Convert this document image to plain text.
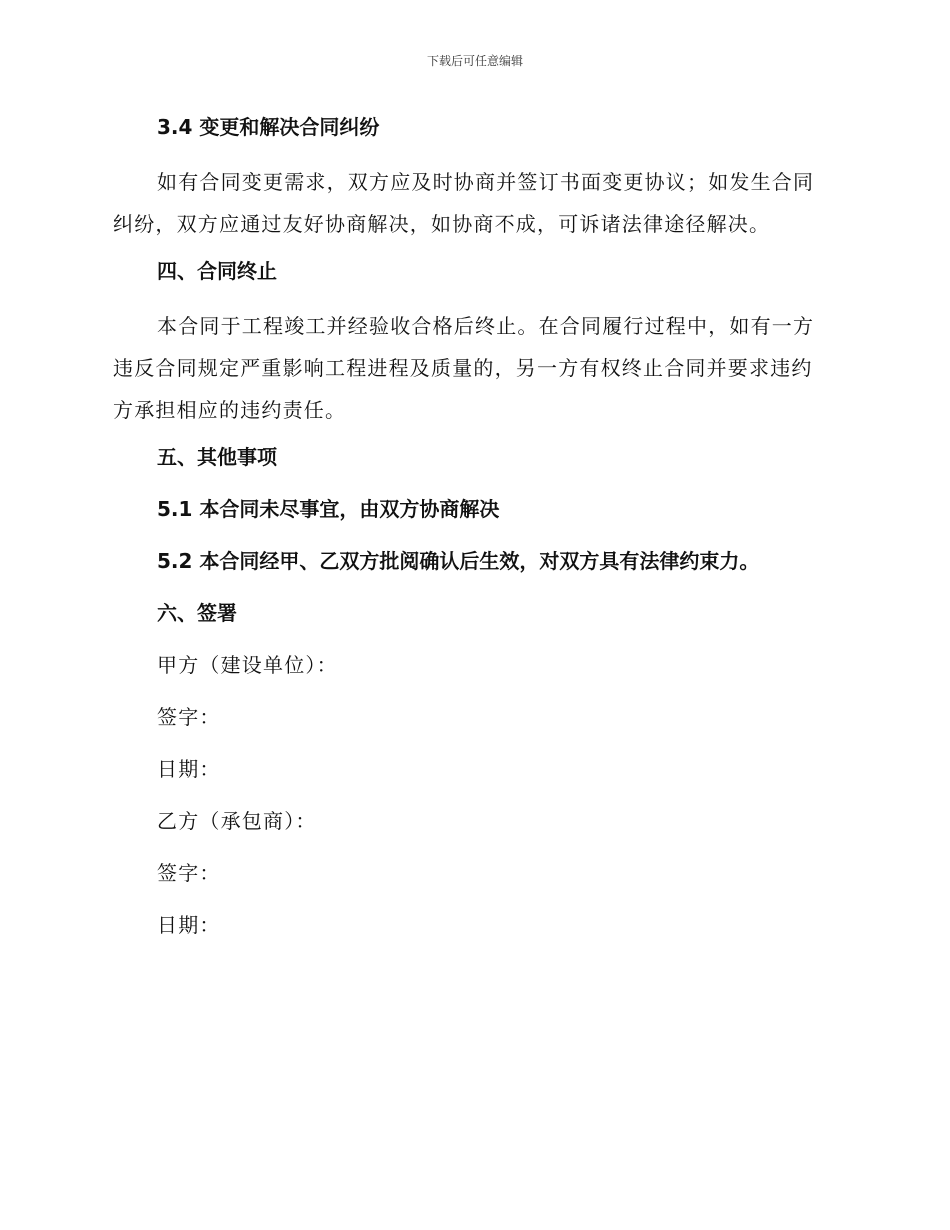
下载后可任意编辑
3.4 变更和解决合同纠纷
如有合同变更需求，双方应及时协商并签订书面变更协议；如发生合同纠纷，双方应通过友好协商解决，如协商不成，可诉诸法律途径解决。
四、合同终止
本合同于工程竣工并经验收合格后终止。在合同履行过程中，如有一方违反合同规定严重影响工程进程及质量的，另一方有权终止合同并要求违约方承担相应的违约责任。
五、其他事项
5.1 本合同未尽事宜，由双方协商解决
5.2 本合同经甲、乙双方批阅确认后生效，对双方具有法律约束力。
六、签署
甲方（建设单位）：
签字：
日期：
乙方（承包商）：
签字：
日期：
